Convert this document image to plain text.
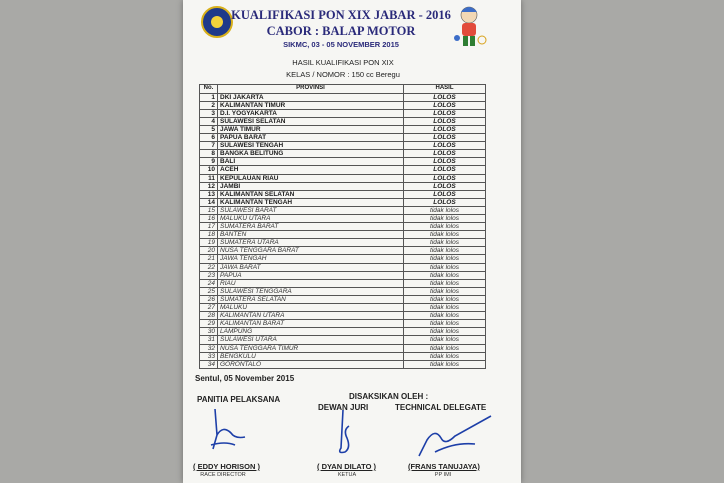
KUALIFIKASI PON XIX JABAR - 2016
CABOR : BALAP MOTOR
SIKMC, 03 - 05 NOVEMBER 2015
HASIL KUALIFIKASI PON XIX
KELAS / NOMOR : 150 cc Beregu
No.	PROVINSI	HASIL
1	DKI JAKARTA	LOLOS
2	KALIMANTAN TIMUR	LOLOS
3	D.I. YOGYAKARTA	LOLOS
4	SULAWESI SELATAN	LOLOS
5	JAWA TIMUR	LOLOS
6	PAPUA BARAT	LOLOS
7	SULAWESI TENGAH	LOLOS
8	BANGKA BELITUNG	LOLOS
9	BALI	LOLOS
10	ACEH	LOLOS
11	KEPULAUAN RIAU	LOLOS
12	JAMBI	LOLOS
13	KALIMANTAN SELATAN	LOLOS
14	KALIMANTAN TENGAH	LOLOS
15	SULAWESI BARAT	tidak lolos
16	MALUKU UTARA	tidak lolos
17	SUMATERA BARAT	tidak lolos
18	BANTEN	tidak lolos
19	SUMATERA UTARA	tidak lolos
20	NUSA TENGGARA BARAT	tidak lolos
21	JAWA TENGAH	tidak lolos
22	JAWA BARAT	tidak lolos
23	PAPUA	tidak lolos
24	RIAU	tidak lolos
25	SULAWESI TENGGARA	tidak lolos
26	SUMATERA SELATAN	tidak lolos
27	MALUKU	tidak lolos
28	KALIMANTAN UTARA	tidak lolos
29	KALIMANTAN BARAT	tidak lolos
30	LAMPUNG	tidak lolos
31	SULAWESI UTARA	tidak lolos
32	NUSA TENGGARA TIMUR	tidak lolos
33	BENGKULU	tidak lolos
34	GORONTALO	tidak lolos
Sentul, 05 November 2015
PANITIA PELAKSANA	DISAKSIKAN OLEH :
DEWAN JURI	TECHNICAL DELEGATE
( EDDY HORISON )
RACE DIRECTOR
( DYAN DILATO )
KETUA
(FRANS TANUJAYA)
PP IMI
